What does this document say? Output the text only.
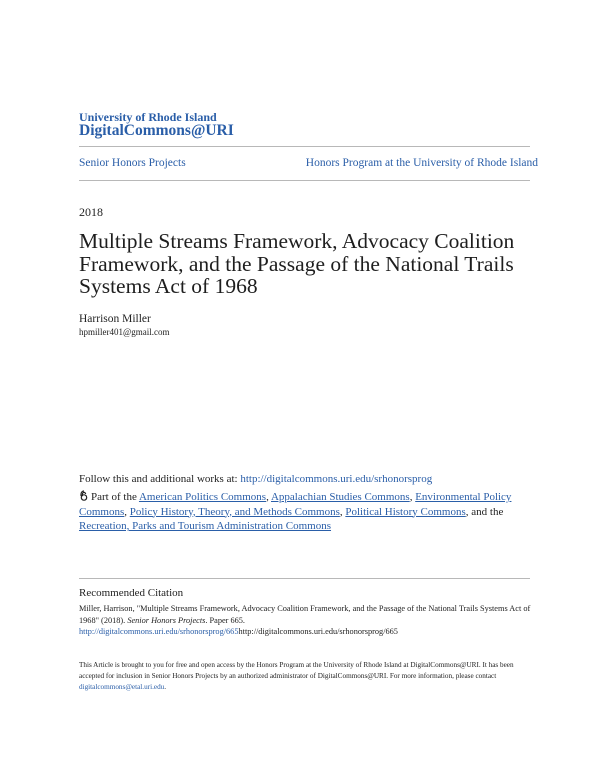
University of Rhode Island
DigitalCommons@URI
Senior Honors Projects	Honors Program at the University of Rhode Island
2018
Multiple Streams Framework, Advocacy Coalition Framework, and the Passage of the National Trails Systems Act of 1968
Harrison Miller
hpmiller401@gmail.com
Follow this and additional works at: http://digitalcommons.uri.edu/srhonorsprog
Part of the American Politics Commons, Appalachian Studies Commons, Environmental Policy Commons, Policy History, Theory, and Methods Commons, Political History Commons, and the Recreation, Parks and Tourism Administration Commons
Recommended Citation
Miller, Harrison, "Multiple Streams Framework, Advocacy Coalition Framework, and the Passage of the National Trails Systems Act of 1968" (2018). Senior Honors Projects. Paper 665.
http://digitalcommons.uri.edu/srhonorsprog/665http://digitalcommons.uri.edu/srhonorsprog/665
This Article is brought to you for free and open access by the Honors Program at the University of Rhode Island at DigitalCommons@URI. It has been accepted for inclusion in Senior Honors Projects by an authorized administrator of DigitalCommons@URI. For more information, please contact
digitalcommons@etal.uri.edu.
